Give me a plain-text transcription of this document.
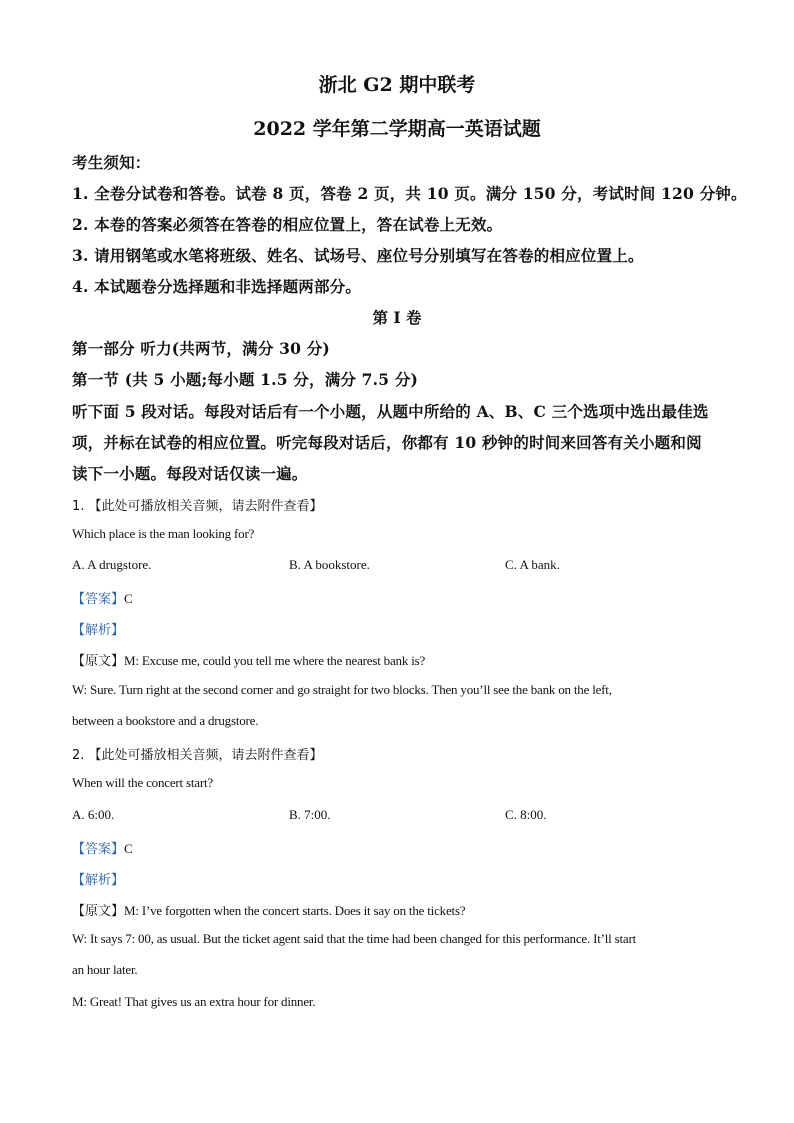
浙北 G2 期中联考
2022 学年第二学期高一英语试题
考生须知：
1. 全卷分试卷和答卷。试卷 8 页，答卷 2 页，共 10 页。满分 150 分，考试时间 120 分钟。
2. 本卷的答案必须答在答卷的相应位置上，答在试卷上无效。
3. 请用钢笔或水笔将班级、姓名、试场号、座位号分别填写在答卷的相应位置上。
4. 本试题卷分选择题和非选择题两部分。
第 I 卷
第一部分 听力(共两节，满分 30 分)
第一节 (共 5 小题;每小题 1.5 分，满分 7.5 分)
听下面 5 段对话。每段对话后有一个小题，从题中所给的 A、B、C 三个选项中选出最佳选
项，并标在试卷的相应位置。听完每段对话后，你都有 10 秒钟的时间来回答有关小题和阅
读下一小题。每段对话仅读一遍。
1. 【此处可播放相关音频，请去附件查看】
Which place is the man looking for?
A. A drugstore.	B. A bookstore.	C. A bank.
【答案】C
【解析】
【原文】M: Excuse me, could you tell me where the nearest bank is?
W: Sure. Turn right at the second corner and go straight for two blocks. Then you’ll see the bank on the left,
between a bookstore and a drugstore.
2. 【此处可播放相关音频，请去附件查看】
When will the concert start?
A. 6:00.	B. 7:00.	C. 8:00.
【答案】C
【解析】
【原文】M: I’ve forgotten when the concert starts. Does it say on the tickets?
W: It says 7: 00, as usual. But the ticket agent said that the time had been changed for this performance. It’ll start
an hour later.
M: Great! That gives us an extra hour for dinner.
